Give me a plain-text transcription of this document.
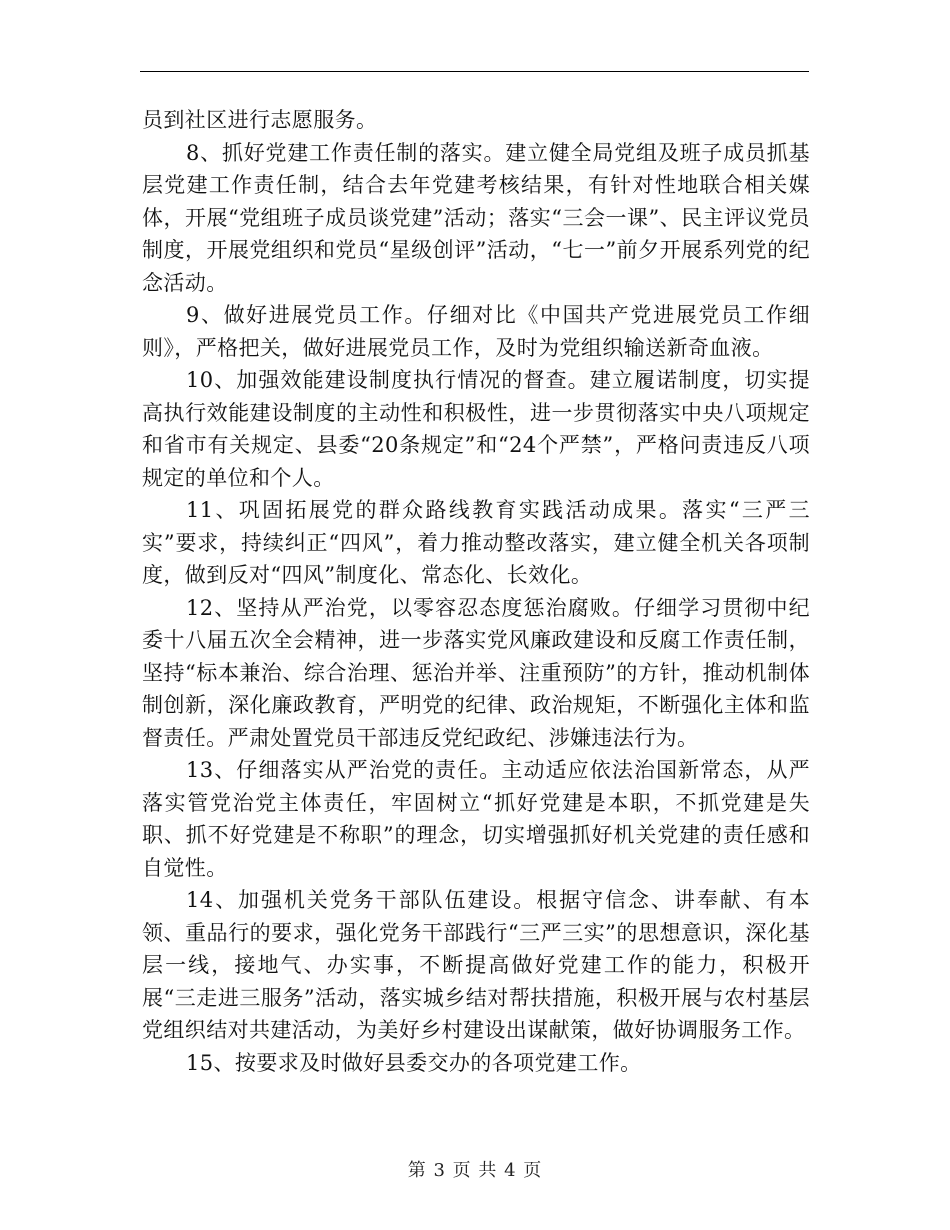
员到社区进行志愿服务。

8、抓好党建工作责任制的落实。建立健全局党组及班子成员抓基层党建工作责任制，结合去年党建考核结果，有针对性地联合相关媒体，开展“党组班子成员谈党建”活动；落实“三会一课”、民主评议党员制度，开展党组织和党员“星级创评”活动，“七一”前夕开展系列党的纪念活动。

9、做好进展党员工作。仔细对比《中国共产党进展党员工作细则》，严格把关，做好进展党员工作，及时为党组织输送新奇血液。

10、加强效能建设制度执行情况的督查。建立履诺制度，切实提高执行效能建设制度的主动性和积极性，进一步贯彻落实中央八项规定和省市有关规定、县委“20条规定”和“24个严禁”，严格问责违反八项规定的单位和个人。

11、巩固拓展党的群众路线教育实践活动成果。落实“三严三实”要求，持续纠正“四风”，着力推动整改落实，建立健全机关各项制度，做到反对“四风”制度化、常态化、长效化。

12、坚持从严治党，以零容忍态度惩治腐败。仔细学习贯彻中纪委十八届五次全会精神，进一步落实党风廉政建设和反腐工作责任制，坚持“标本兼治、综合治理、惩治并举、注重预防”的方针，推动机制体制创新，深化廉政教育，严明党的纪律、政治规矩，不断强化主体和监督责任。严肃处置党员干部违反党纪政纪、涉嫌违法行为。

13、仔细落实从严治党的责任。主动适应依法治国新常态，从严落实管党治党主体责任，牢固树立“抓好党建是本职，不抓党建是失职、抓不好党建是不称职”的理念，切实增强抓好机关党建的责任感和自觉性。

14、加强机关党务干部队伍建设。根据守信念、讲奉献、有本领、重品行的要求，强化党务干部践行“三严三实”的思想意识，深化基层一线，接地气、办实事，不断提高做好党建工作的能力，积极开展“三走进三服务”活动，落实城乡结对帮扶措施，积极开展与农村基层党组织结对共建活动，为美好乡村建设出谋献策，做好协调服务工作。

15、按要求及时做好县委交办的各项党建工作。

第 3 页 共 4 页
